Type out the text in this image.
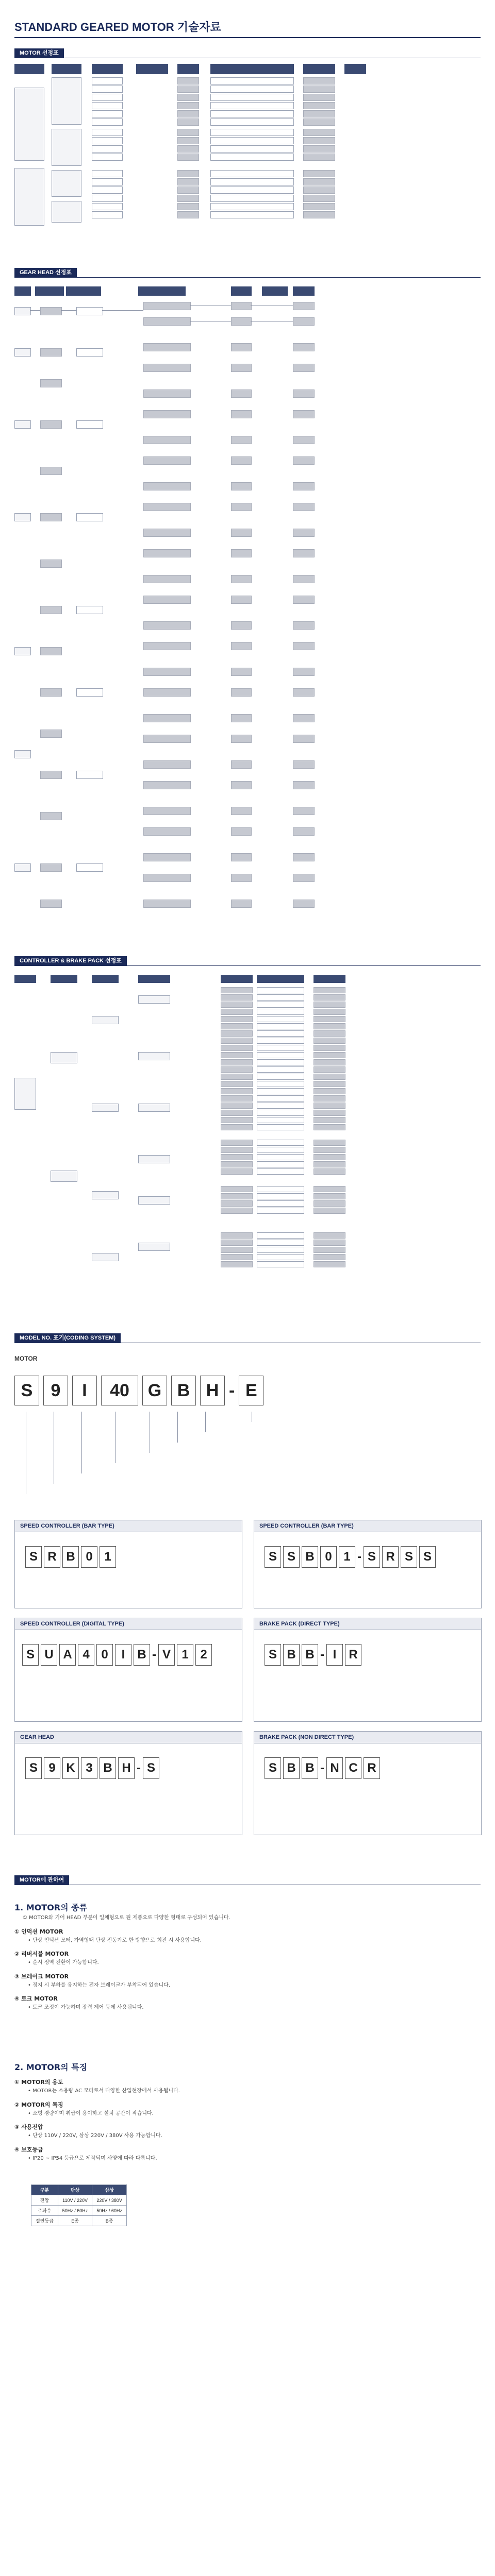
STANDARD GEARED MOTOR 기술자료
MOTOR 선정표
GEAR HEAD 선정표
CONTROLLER & BRAKE PACK 선정표
MODEL NO. 표기(CODING SYSTEM)
MOTOR
S	9	I	40	G B H - E
SPEED CONTROLLER (BAR TYPE)
S R B 0 1
SPEED CONTROLLER (BAR TYPE)
S S B 0 1 - S R S S
SPEED CONTROLLER (DIGITAL TYPE)
S U A 4 0	I	B - V 1 2
BRAKE PACK (DIRECT TYPE)
S B B - I	R
GEAR HEAD
S 9 K 3 B H - S
BRAKE PACK (NON DIRECT TYPE)
S B B - N C R
MOTOR에 관하여
1. MOTOR의 종류
① MOTOR와 기어 HEAD 부분이 일체형으로 된 제품으로 다양한 형태로 구성되어 있습니다.
① 인덕션 MOTOR
• 단상 인덕션 모터, 가역형태 단상 전동기로 한 방향으로 회전 시 사용합니다.
② 리버서블 MOTOR
• 순시 정역 전환이 가능합니다.
③ 브레이크 MOTOR
• 정지 시 부하를 유지하는 전자 브레이크가 부착되어 있습니다.
④ 토크 MOTOR
• 토크 조정이 가능하며 장력 제어 등에 사용됩니다.
2. MOTOR의 특징
① MOTOR의 용도
• MOTOR는 소용량 AC 모터로서 다양한 산업현장에서 사용됩니다.
② MOTOR의 특징
• 소형 경량이며 취급이 용이하고 설치 공간이 작습니다.
③ 사용전압
• 단상 110V / 220V, 삼상 220V / 380V 사용 가능합니다.
④ 보호등급
• IP20 ~ IP54 등급으로 제작되며 사양에 따라 다릅니다.
구분	단상	삼상
전압	110V / 220V	220V / 380V
주파수	50Hz / 60Hz	50Hz / 60Hz
절연등급	E종	B종
